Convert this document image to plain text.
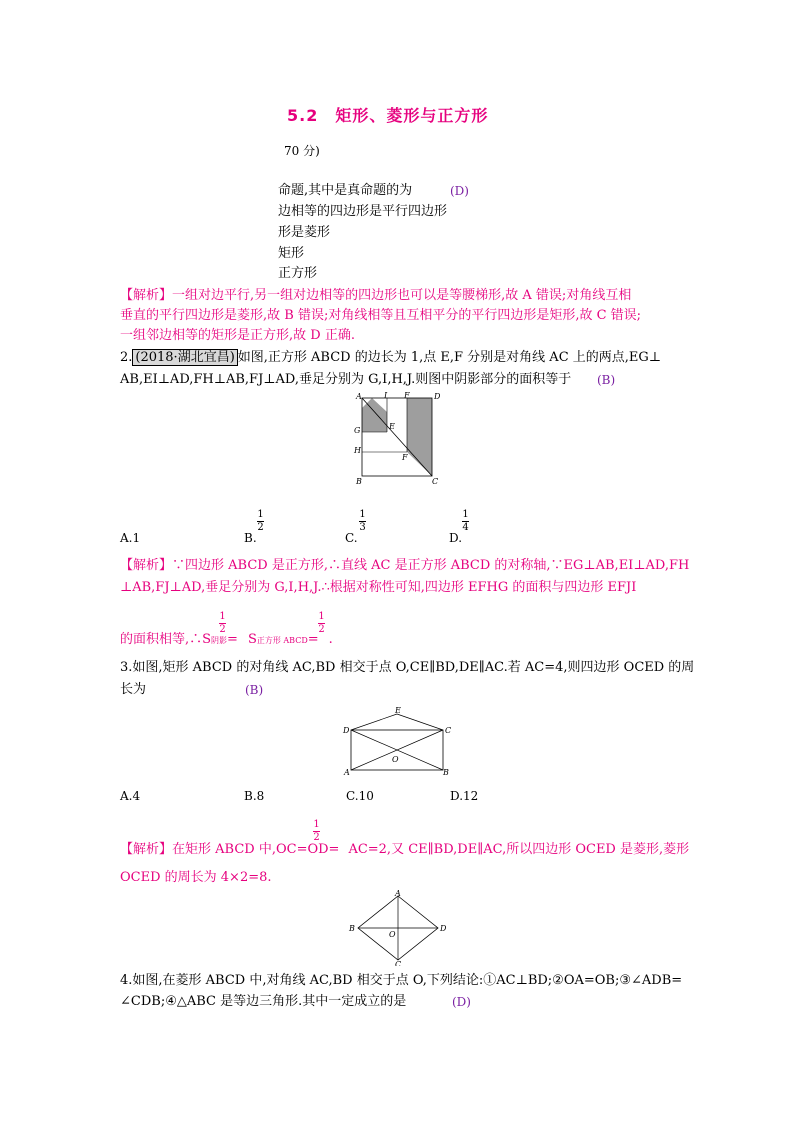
5.2　矩形、菱形与正方形
70 分)
命题,其中是真命题的为	(D)
边相等的四边形是平行四边形
形是菱形
矩形
正方形
【解析】一组对边平行,另一组对边相等的四边形也可以是等腰梯形,故 A 错误;对角线互相
垂直的平行四边形是菱形,故 B 错误;对角线相等且互相平分的平行四边形是矩形,故 C 错误;
一组邻边相等的矩形是正方形,故 D 正确.
2. (2018·湖北宜昌) 如图,正方形 ABCD 的边长为 1,点 E,F 分别是对角线 AC 上的两点,EG⊥
AB,EI⊥AD,FH⊥AB,FJ⊥AD,垂足分别为 G,I,H,J.则图中阴影部分的面积等于 (B)
A	I F	D
G	E
H
F
B	C
A.1	B.
1
2
C.
1
3
D.
1
4
【解析】∵四边形 ABCD 是正方形,∴直线 AC 是正方形 ABCD 的对称轴,∵EG⊥AB,EI⊥AD,FH
⊥AB,FJ⊥AD,垂足分别为 G,I,H,J.∴根据对称性可知,四边形 EFHG 的面积与四边形 EFJI
的面积相等,∴S阴影= S正方形 ABCD= .
1
2
1
2
3.如图,矩形 ABCD 的对角线 AC,BD 相交于点 O,CE∥BD,DE∥AC.若 AC=4,则四边形 OCED 的周
长为	(B)
E
D	C
O
A	B
A.4	B.8	C.10	D.12
【解析】在矩形 ABCD 中,OC=OD= AC=2,又 CE∥BD,DE∥AC,所以四边形 OCED 是菱形,菱形
1
2
OCED 的周长为 4×2=8.
A
B
O
D
C
4.如图,在菱形 ABCD 中,对角线 AC,BD 相交于点 O,下列结论:①AC⊥BD;②OA=OB;③∠ADB=
∠CDB;④△ABC 是等边三角形.其中一定成立的是	(D)
